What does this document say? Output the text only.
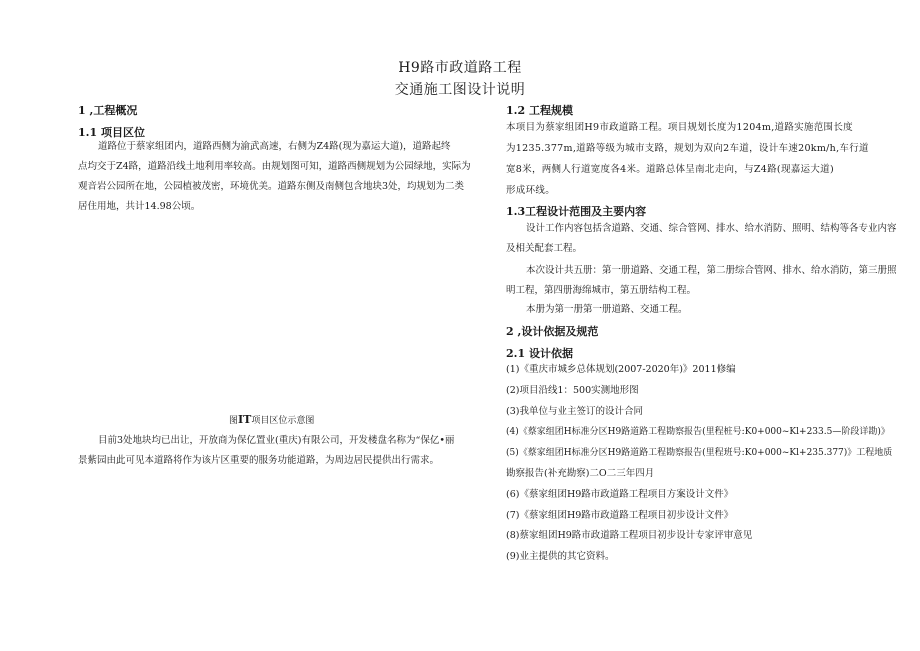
H9路市政道路工程
交通施工图设计说明
1 ,工程概况
1.1 项目区位
道路位于蔡家组团内，道路西侧为渝武高速，右侧为Z4路(现为嘉运大道)，道路起终
点均交于Z4路，道路沿线土地利用率较高。由规划图可知，道路西侧规划为公园绿地，实际为
观音岩公园所在地，公园植被茂密，环境优美。道路东侧及南侧包含地块3处，均规划为二类
居住用地，共计14.98公顷。
图IT项目区位示意图
目前3处地块均已出让，开放商为保亿置业(重庆)有限公司，开发楼盘名称为“保亿•丽
景紫园由此可见本道路将作为该片区重要的服务功能道路，为周边居民提供出行需求。
1.2 工程规模
本项目为蔡家组团H9市政道路工程。项目规划长度为1204m,道路实施范围长度
为1235.377m,道路等级为城市支路，规划为双向2车道，设计车速20km/h,车行道
宽8米，两侧人行道宽度各4米。道路总体呈南北走向，与Z4路(现嘉运大道)
形成环线。
1.3工程设计范围及主要内容
设计工作内容包括含道路、交通、综合管网、排水、给水消防、照明、结构等各专业内容
及相关配套工程。
本次设计共五册：第一册道路、交通工程，第二册综合管网、排水、给水消防，第三册照
明工程，第四册海绵城市，第五册结构工程。
本册为第一册第一册道路、交通工程。
2 ,设计依据及规范
2.1 设计依据
(1)《重庆市城乡总体规划(2007-2020年)》2011修编
(2)项目沿线1：500实测地形图
(3)我单位与业主签订的设计合同
(4)《蔡家组团H标准分区H9路道路工程勘察报告(里程桩号:K0+000~Kl+233.5—阶段详勘)》
(5)《蔡家组团H标准分区H9路道路工程勘察报告(里程班号:K0+000~Kl+235.377)》工程地质
勘察报告(补充勘察)二O二三年四月
(6)《蔡家组团H9路市政道路工程项目方案设计文件》
(7)《蔡家组团H9路市政道路工程项目初步设计文件》
(8)蔡家组团H9路市政道路工程项目初步设计专家评审意见
(9)业主提供的其它资料。
